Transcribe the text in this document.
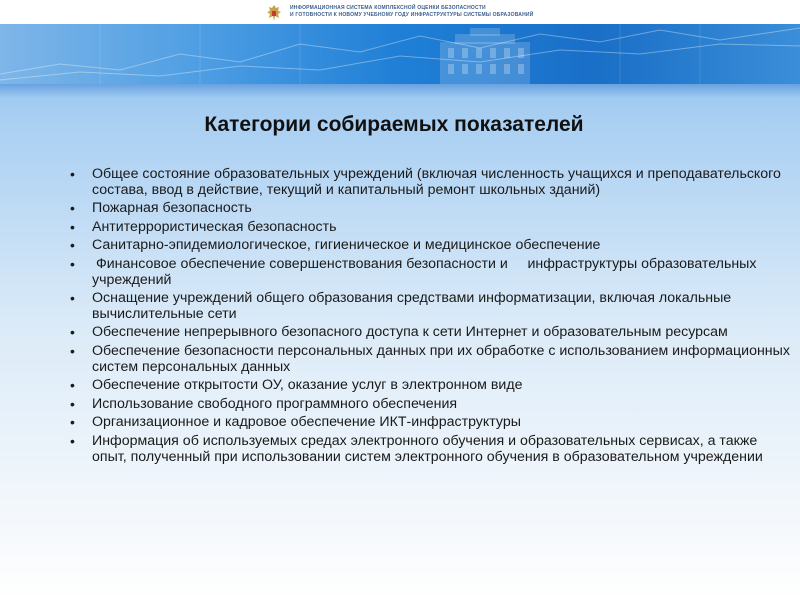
ИНФОРМАЦИОННАЯ СИСТЕМА КОМПЛЕКСНОЙ ОЦЕНКИ БЕЗОПАСНОСТИ
И ГОТОВНОСТИ К НОВОМУ УЧЕБНОМУ ГОДУ ИНФРАСТРУКТУРЫ СИСТЕМЫ ОБРАЗОВАНИЙ
Категории собираемых показателей
• Общее состояние образовательных учреждений (включая численность учащихся и преподавательского состава, ввод в действие, текущий и капитальный ремонт школьных зданий)
• Пожарная безопасность
• Антитеррористическая безопасность
• Санитарно-эпидемиологическое, гигиеническое и медицинское обеспечение
• Финансовое обеспечение совершенствования безопасности и     инфраструктуры образовательных учреждений
• Оснащение учреждений общего образования средствами информатизации, включая локальные вычислительные сети
• Обеспечение непрерывного безопасного доступа к сети Интернет и образовательным ресурсам
• Обеспечение безопасности персональных данных при их обработке с использованием информационных систем персональных данных
• Обеспечение открытости ОУ, оказание услуг в электронном виде
• Использование свободного программного обеспечения
• Организационное и кадровое обеспечение ИКТ-инфраструктуры
• Информация об используемых средах электронного обучения и образовательных сервисах, а также опыт, полученный при использовании систем электронного обучения в образовательном учреждении
